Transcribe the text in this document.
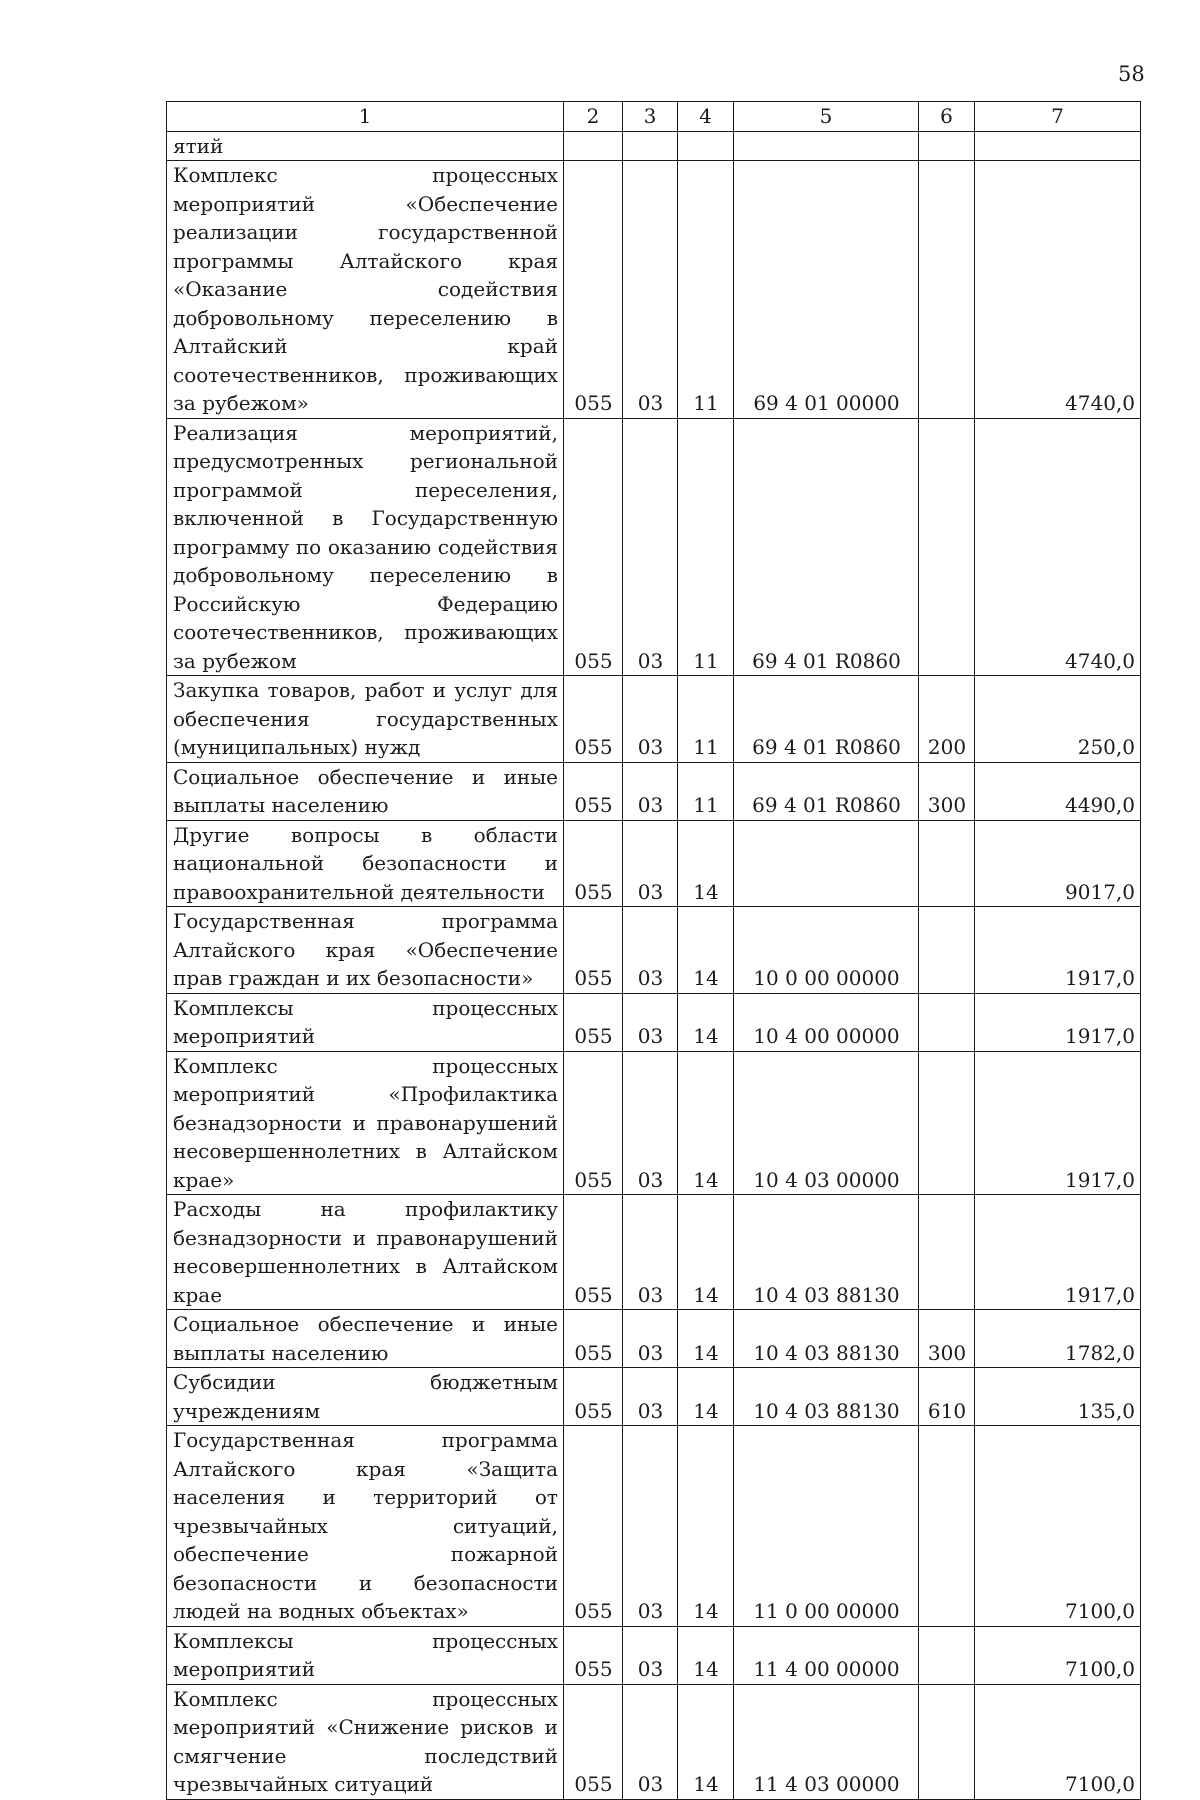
58
1	2	3	4	5	6	7
ятий						
Комплекс процессных мероприятий «Обеспечение реализации государственной программы Алтайского края «Оказание содействия добровольному переселению в Алтайский край соотечественников, проживающих за рубежом»	055	03	11	69 4 01 00000		4740,0
Реализация мероприятий, предусмотренных региональной программой переселения, включенной в Государственную программу по оказанию содействия добровольному переселению в Российскую Федерацию соотечественников, проживающих за рубежом	055	03	11	69 4 01 R0860		4740,0
Закупка товаров, работ и услуг для обеспечения государственных (муниципальных) нужд	055	03	11	69 4 01 R0860	200	250,0
Социальное обеспечение и иные выплаты населению	055	03	11	69 4 01 R0860	300	4490,0
Другие вопросы в области национальной безопасности и правоохранительной деятельности	055	03	14			9017,0
Государственная программа Алтайского края «Обеспечение прав граждан и их безопасности»	055	03	14	10 0 00 00000		1917,0
Комплексы процессных мероприятий	055	03	14	10 4 00 00000		1917,0
Комплекс процессных мероприятий «Профилактика безнадзорности и правонарушений несовершеннолетних в Алтайском крае»	055	03	14	10 4 03 00000		1917,0
Расходы на профилактику безнадзорности и правонарушений несовершеннолетних в Алтайском крае	055	03	14	10 4 03 88130		1917,0
Социальное обеспечение и иные выплаты населению	055	03	14	10 4 03 88130	300	1782,0
Субсидии бюджетным учреждениям	055	03	14	10 4 03 88130	610	135,0
Государственная программа Алтайского края «Защита населения и территорий от чрезвычайных ситуаций, обеспечение пожарной безопасности и безопасности людей на водных объектах»	055	03	14	11 0 00 00000		7100,0
Комплексы процессных мероприятий	055	03	14	11 4 00 00000		7100,0
Комплекс процессных мероприятий «Снижение рисков и смягчение последствий чрезвычайных ситуаций	055	03	14	11 4 03 00000		7100,0
